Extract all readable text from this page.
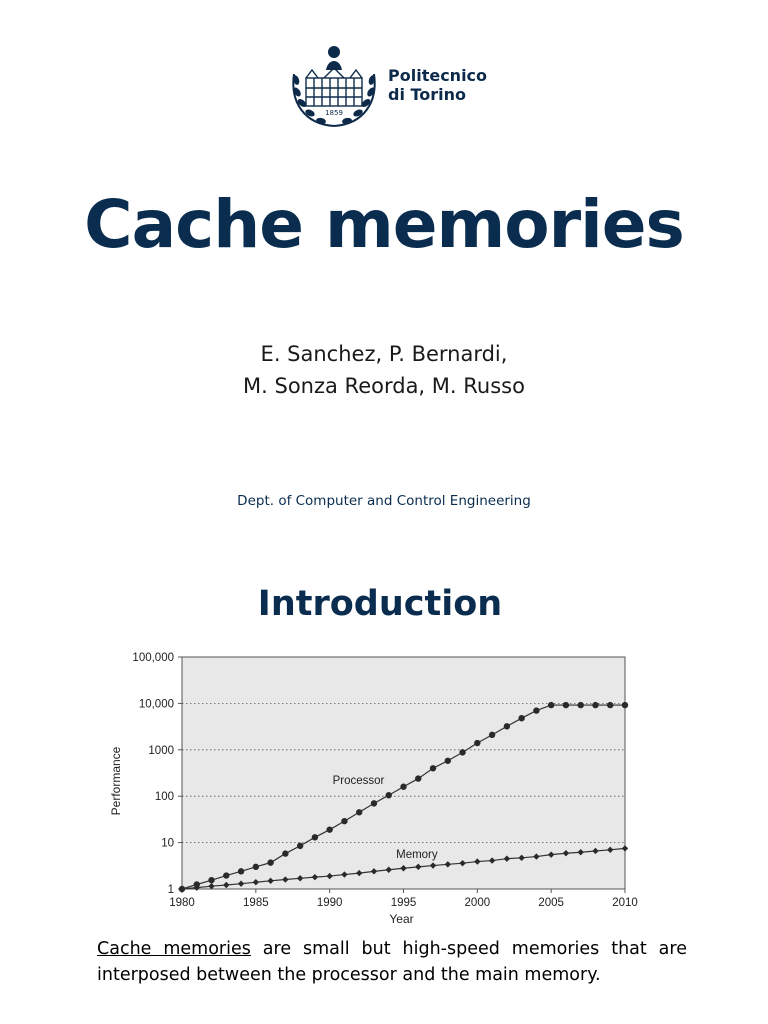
1859
Politecnico
di Torino
Cache memories
E. Sanchez, P. Bernardi,
M. Sonza Reorda, M. Russo
Dept. of Computer and Control Engineering
Introduction
1
10
100
1000
10,000
100,000
1980	1985	1990	1995	2000	2005	2010
Year
Performance	Processor
Memory
Cache memories are small but high-speed memories that are interposed between the processor and the main memory.
